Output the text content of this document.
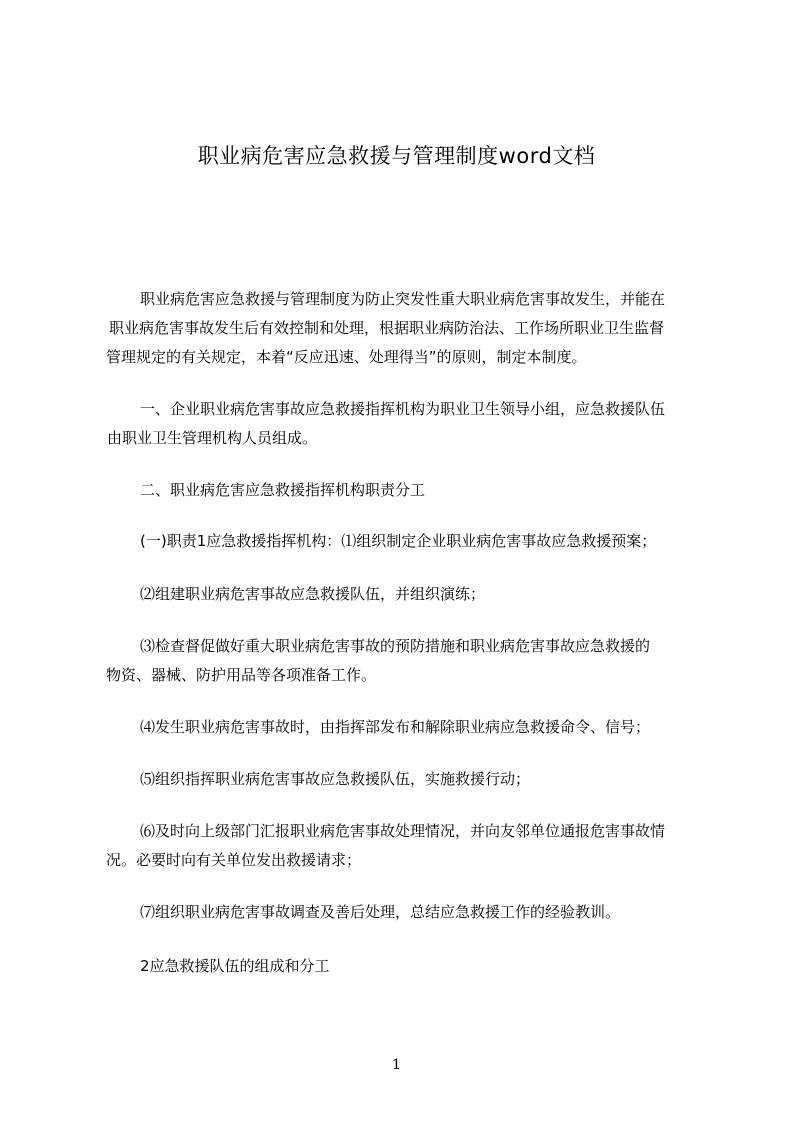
职业病危害应急救援与管理制度word文档
职业病危害应急救援与管理制度为防止突发性重大职业病危害事故发生，并能在
职业病危害事故发生后有效控制和处理，根据职业病防治法、工作场所职业卫生监督
管理规定的有关规定，本着“反应迅速、处理得当”的原则，制定本制度。
一、企业职业病危害事故应急救援指挥机构为职业卫生领导小组，应急救援队伍
由职业卫生管理机构人员组成。
二、职业病危害应急救援指挥机构职责分工
(一)职责1应急救援指挥机构：⑴组织制定企业职业病危害事故应急救援预案；
⑵组建职业病危害事故应急救援队伍，并组织演练；
⑶检查督促做好重大职业病危害事故的预防措施和职业病危害事故应急救援的
物资、器械、防护用品等各项准备工作。
⑷发生职业病危害事故时，由指挥部发布和解除职业病应急救援命令、信号；
⑸组织指挥职业病危害事故应急救援队伍，实施救援行动；
⑹及时向上级部门汇报职业病危害事故处理情况，并向友邻单位通报危害事故情
况。必要时向有关单位发出救援请求；
⑺组织职业病危害事故调查及善后处理，总结应急救援工作的经验教训。
2应急救援队伍的组成和分工
1
